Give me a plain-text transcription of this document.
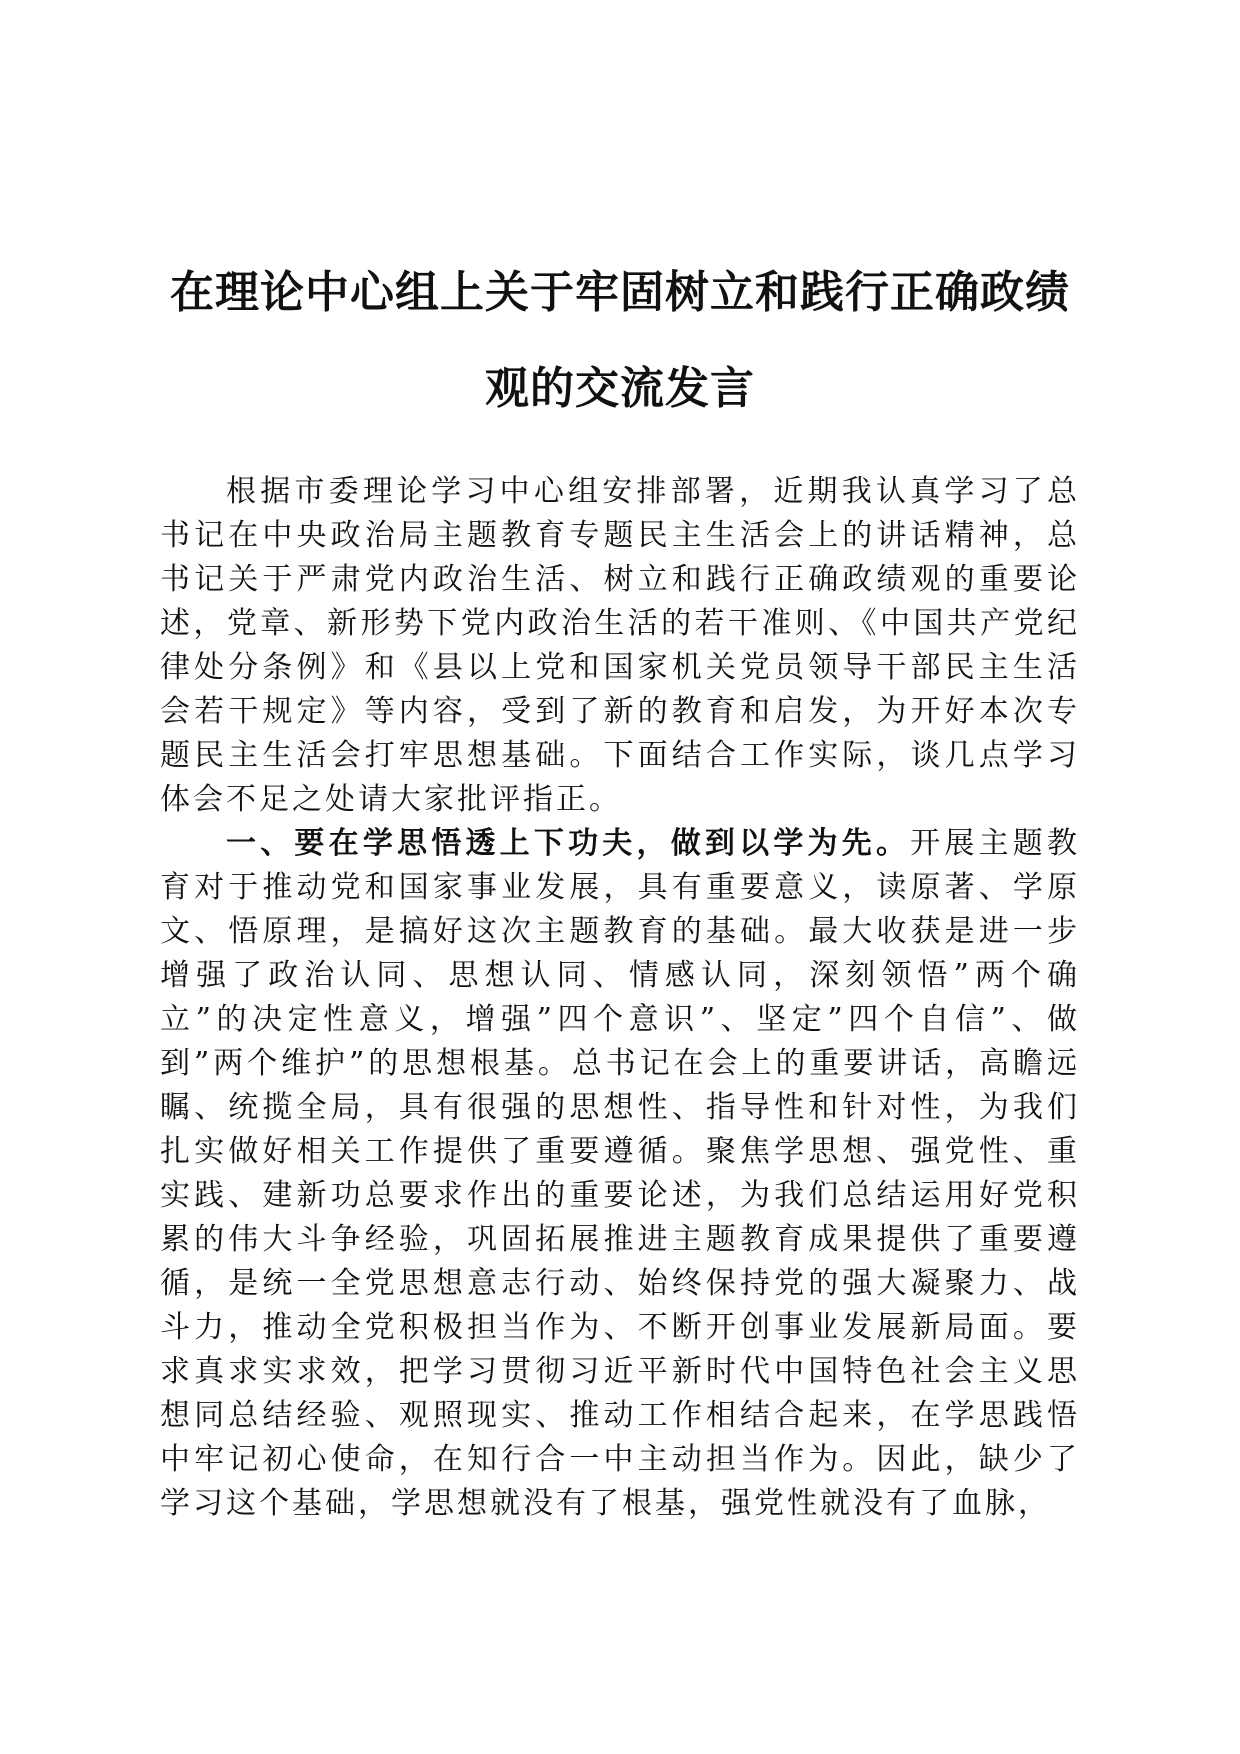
在理论中心组上关于牢固树立和践行正确政绩
观的交流发言

根据市委理论学习中心组安排部署，近期我认真学习了总书记在中央政治局主题教育专题民主生活会上的讲话精神，总书记关于严肃党内政治生活、树立和践行正确政绩观的重要论述，党章、新形势下党内政治生活的若干准则、《中国共产党纪律处分条例》和《县以上党和国家机关党员领导干部民主生活会若干规定》等内容，受到了新的教育和启发，为开好本次专题民主生活会打牢思想基础。下面结合工作实际，谈几点学习体会不足之处请大家批评指正。

一、要在学思悟透上下功夫，做到以学为先。开展主题教育对于推动党和国家事业发展，具有重要意义，读原著、学原文、悟原理，是搞好这次主题教育的基础。最大收获是进一步增强了政治认同、思想认同、情感认同，深刻领悟”两个确立”的决定性意义，增强”四个意识”、坚定”四个自信”、做到”两个维护”的思想根基。总书记在会上的重要讲话，高瞻远瞩、统揽全局，具有很强的思想性、指导性和针对性，为我们扎实做好相关工作提供了重要遵循。聚焦学思想、强党性、重实践、建新功总要求作出的重要论述，为我们总结运用好党积累的伟大斗争经验，巩固拓展推进主题教育成果提供了重要遵循，是统一全党思想意志行动、始终保持党的强大凝聚力、战斗力，推动全党积极担当作为、不断开创事业发展新局面。要求真求实求效，把学习贯彻习近平新时代中国特色社会主义思想同总结经验、观照现实、推动工作相结合起来，在学思践悟中牢记初心使命，在知行合一中主动担当作为。因此，缺少了学习这个基础，学思想就没有了根基，强党性就没有了血脉，
